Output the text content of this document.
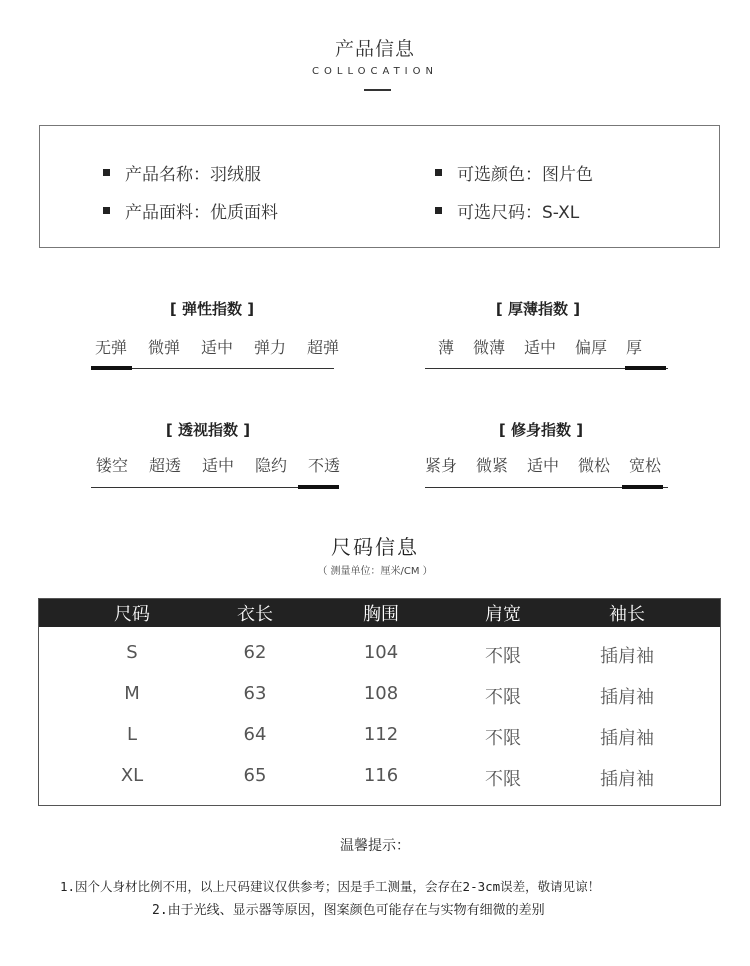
产品信息
COLLOCATION
产品名称：羽绒服	可选颜色：图片色
产品面料：优质面料	可选尺码：S-XL
[ 弹性指数 ]
无弹 微弹 适中 弹力 超弹
[ 厚薄指数 ]
薄 微薄 适中 偏厚 厚
[ 透视指数 ]
镂空 超透 适中 隐约 不透
[ 修身指数 ]
紧身 微紧 适中 微松 宽松
尺码信息
（ 测量单位：厘米/CM ）
尺码	衣长	胸围	肩宽	袖长
S	62	104	不限	插肩袖
M	63	108	不限	插肩袖
L	64	112	不限	插肩袖
XL	65	116	不限	插肩袖
温馨提示：
1.因个人身材比例不用，以上尺码建议仅供参考；因是手工测量，会存在2-3cm误差，敬请见谅！
2.由于光线、显示器等原因，图案颜色可能存在与实物有细微的差别
